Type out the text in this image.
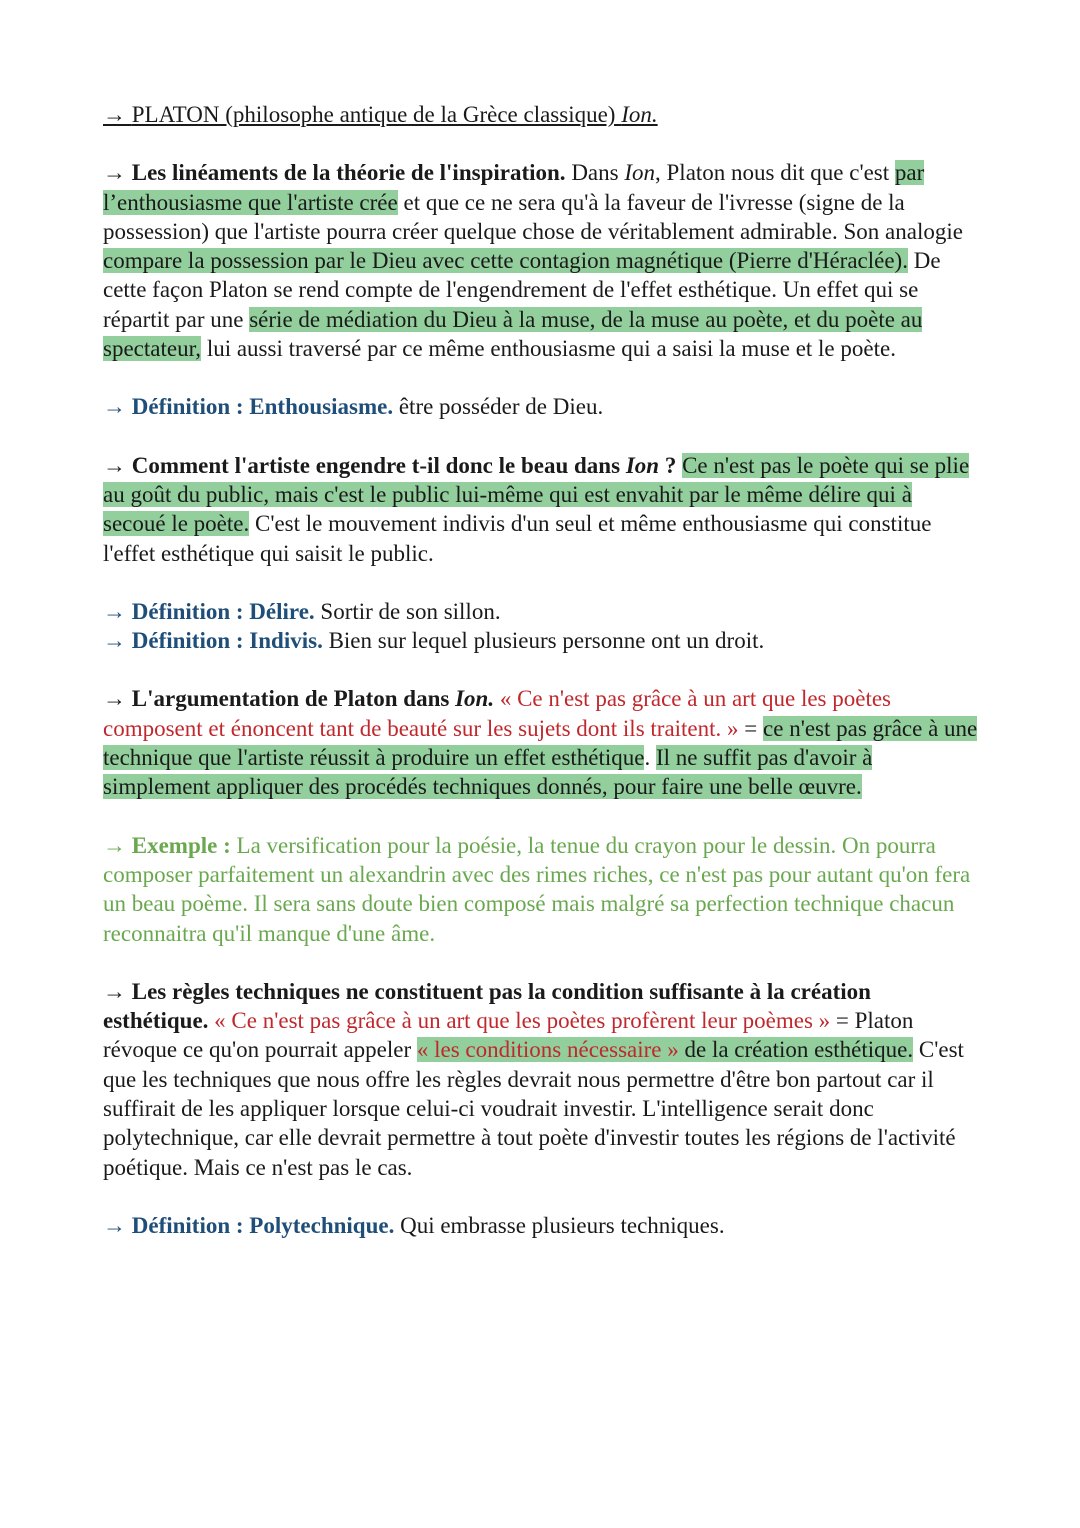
→ PLATON (philosophe antique de la Grèce classique) Ion.

→ Les linéaments de la théorie de l'inspiration. Dans Ion, Platon nous dit que c'est par l’enthousiasme que l'artiste crée et que ce ne sera qu'à la faveur de l'ivresse (signe de la possession) que l'artiste pourra créer quelque chose de véritablement admirable. Son analogie compare la possession par le Dieu avec cette contagion magnétique (Pierre d'Héraclée). De cette façon Platon se rend compte de l'engendrement de l'effet esthétique. Un effet qui se répartit par une série de médiation du Dieu à la muse, de la muse au poète, et du poète au spectateur, lui aussi traversé par ce même enthousiasme qui a saisi la muse et le poète.

→ Définition : Enthousiasme. être posséder de Dieu.

→ Comment l'artiste engendre t-il donc le beau dans Ion ? Ce n'est pas le poète qui se plie au goût du public, mais c'est le public lui-même qui est envahit par le même délire qui à secoué le poète. C'est le mouvement indivis d'un seul et même enthousiasme qui constitue l'effet esthétique qui saisit le public.

→ Définition : Délire. Sortir de son sillon.

→ Définition : Indivis. Bien sur lequel plusieurs personne ont un droit.

→ L'argumentation de Platon dans Ion. « Ce n'est pas grâce à un art que les poètes composent et énoncent tant de beauté sur les sujets dont ils traitent. » = ce n'est pas grâce à une technique que l'artiste réussit à produire un effet esthétique. Il ne suffit pas d'avoir à simplement appliquer des procédés techniques donnés, pour faire une belle œuvre.

→ Exemple : La versification pour la poésie, la tenue du crayon pour le dessin. On pourra composer parfaitement un alexandrin avec des rimes riches, ce n'est pas pour autant qu'on fera un beau poème. Il sera sans doute bien composé mais malgré sa perfection technique chacun reconnaitra qu'il manque d'une âme.

→ Les règles techniques ne constituent pas la condition suffisante à la création esthétique. « Ce n'est pas grâce à un art que les poètes profèrent leur poèmes » = Platon révoque ce qu'on pourrait appeler « les conditions nécessaire » de la création esthétique. C'est que les techniques que nous offre les règles devrait nous permettre d'être bon partout car il suffirait de les appliquer lorsque celui-ci voudrait investir. L'intelligence serait donc polytechnique, car elle devrait permettre à tout poète d'investir toutes les régions de l'activité poétique. Mais ce n'est pas le cas.

→ Définition : Polytechnique. Qui embrasse plusieurs techniques.
